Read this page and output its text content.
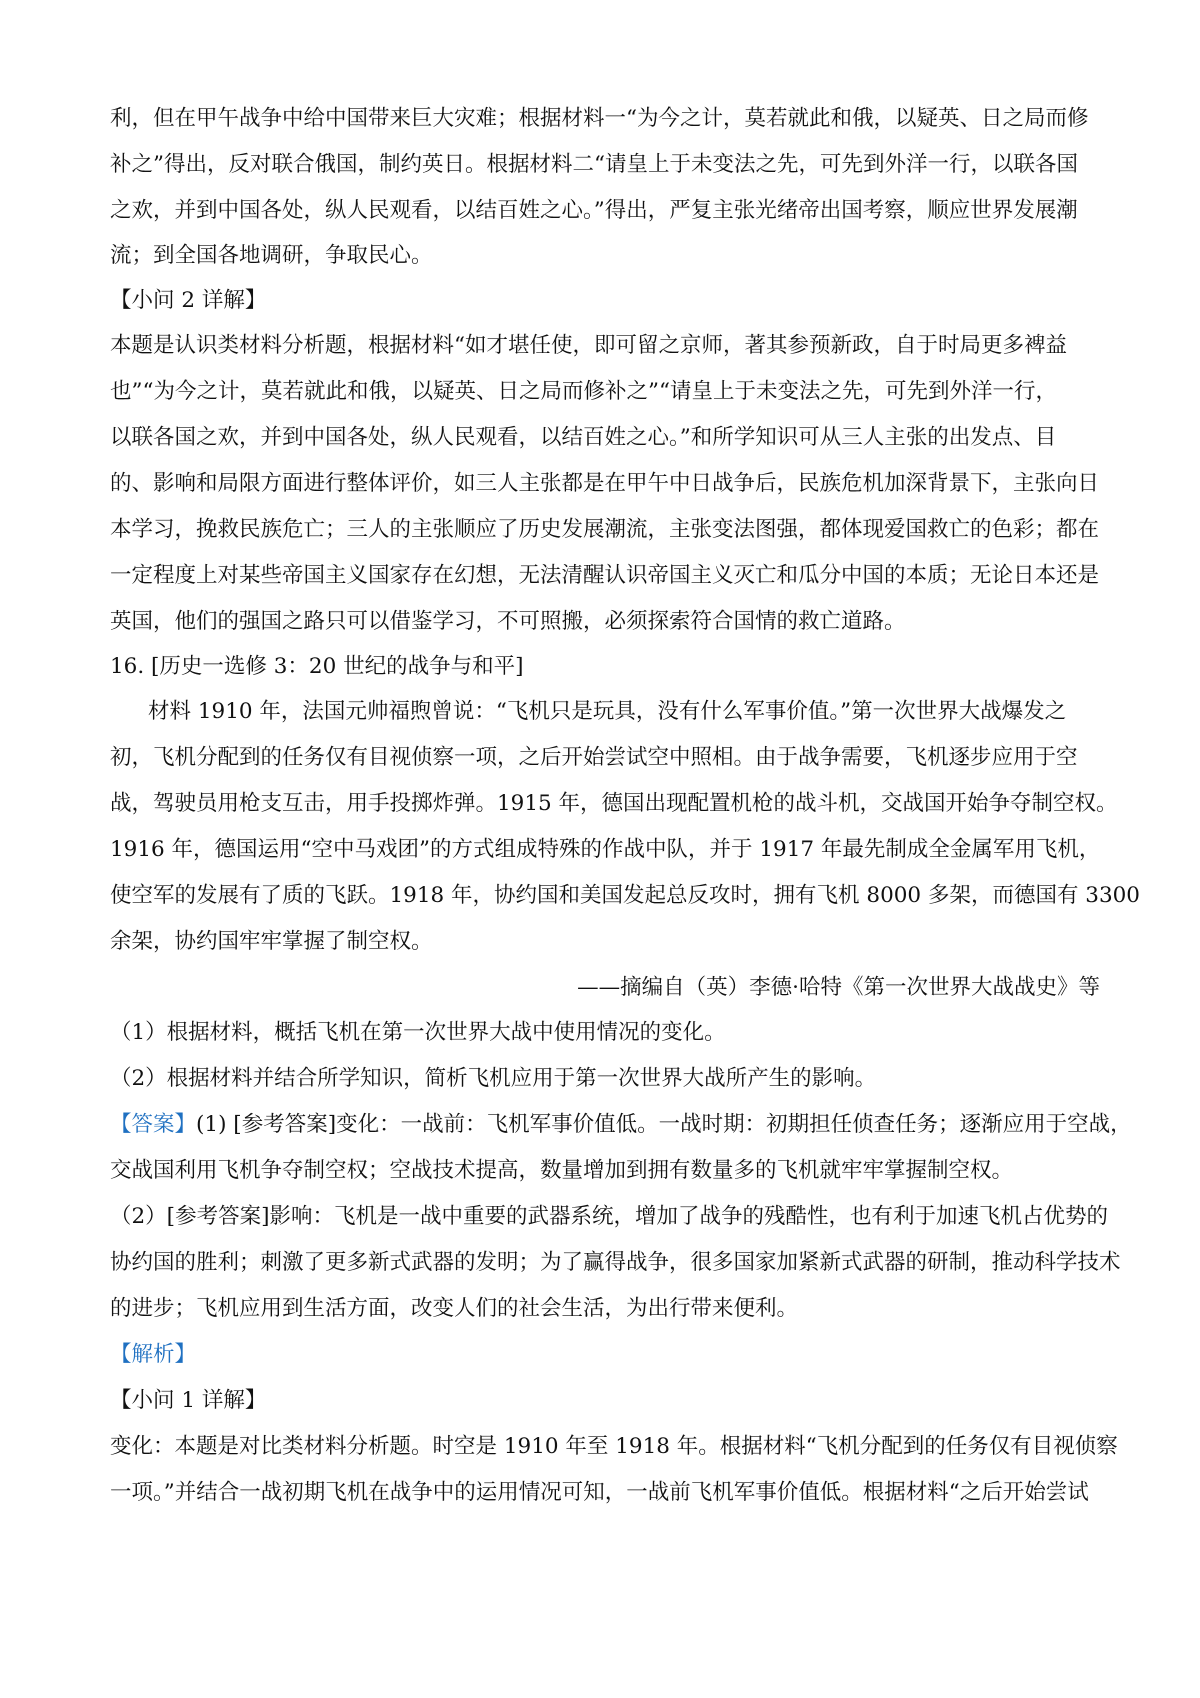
利，但在甲午战争中给中国带来巨大灾难；根据材料一“为今之计，莫若就此和俄，以疑英、日之局而修
补之”得出，反对联合俄国，制约英日。根据材料二“请皇上于未变法之先，可先到外洋一行，以联各国
之欢，并到中国各处，纵人民观看，以结百姓之心。”得出，严复主张光绪帝出国考察，顺应世界发展潮
流；到全国各地调研，争取民心。
【小问 2 详解】
本题是认识类材料分析题，根据材料“如才堪任使，即可留之京师，著其参预新政，自于时局更多裨益
也”“为今之计，莫若就此和俄，以疑英、日之局而修补之”“请皇上于未变法之先，可先到外洋一行，
以联各国之欢，并到中国各处，纵人民观看，以结百姓之心。”和所学知识可从三人主张的出发点、目
的、影响和局限方面进行整体评价，如三人主张都是在甲午中日战争后，民族危机加深背景下，主张向日
本学习，挽救民族危亡；三人的主张顺应了历史发展潮流，主张变法图强，都体现爱国救亡的色彩；都在
一定程度上对某些帝国主义国家存在幻想，无法清醒认识帝国主义灭亡和瓜分中国的本质；无论日本还是
英国，他们的强国之路只可以借鉴学习，不可照搬，必须探索符合国情的救亡道路。
16. [历史一选修 3：20 世纪的战争与和平]
材料 1910 年，法国元帅福煦曾说：“飞机只是玩具，没有什么军事价值。”第一次世界大战爆发之
初，飞机分配到的任务仅有目视侦察一项，之后开始尝试空中照相。由于战争需要，飞机逐步应用于空
战，驾驶员用枪支互击，用手投掷炸弹。1915 年，德国出现配置机枪的战斗机，交战国开始争夺制空权。
1916 年，德国运用“空中马戏团”的方式组成特殊的作战中队，并于 1917 年最先制成全金属军用飞机，
使空军的发展有了质的飞跃。1918 年，协约国和美国发起总反攻时，拥有飞机 8000 多架，而德国有 3300
余架，协约国牢牢掌握了制空权。
——摘编自（英）李德·哈特《第一次世界大战战史》等
（1）根据材料，概括飞机在第一次世界大战中使用情况的变化。
（2）根据材料并结合所学知识，简析飞机应用于第一次世界大战所产生的影响。
【答案】(1) [参考答案]变化：一战前：飞机军事价值低。一战时期：初期担任侦查任务；逐渐应用于空战，
交战国利用飞机争夺制空权；空战技术提高，数量增加到拥有数量多的飞机就牢牢掌握制空权。
（2）[参考答案]影响：飞机是一战中重要的武器系统，增加了战争的残酷性，也有利于加速飞机占优势的
协约国的胜利；刺激了更多新式武器的发明；为了赢得战争，很多国家加紧新式武器的研制，推动科学技术
的进步；飞机应用到生活方面，改变人们的社会生活，为出行带来便利。
【解析】
【小问 1 详解】
变化：本题是对比类材料分析题。时空是 1910 年至 1918 年。根据材料“飞机分配到的任务仅有目视侦察
一项。”并结合一战初期飞机在战争中的运用情况可知，一战前飞机军事价值低。根据材料“之后开始尝试
